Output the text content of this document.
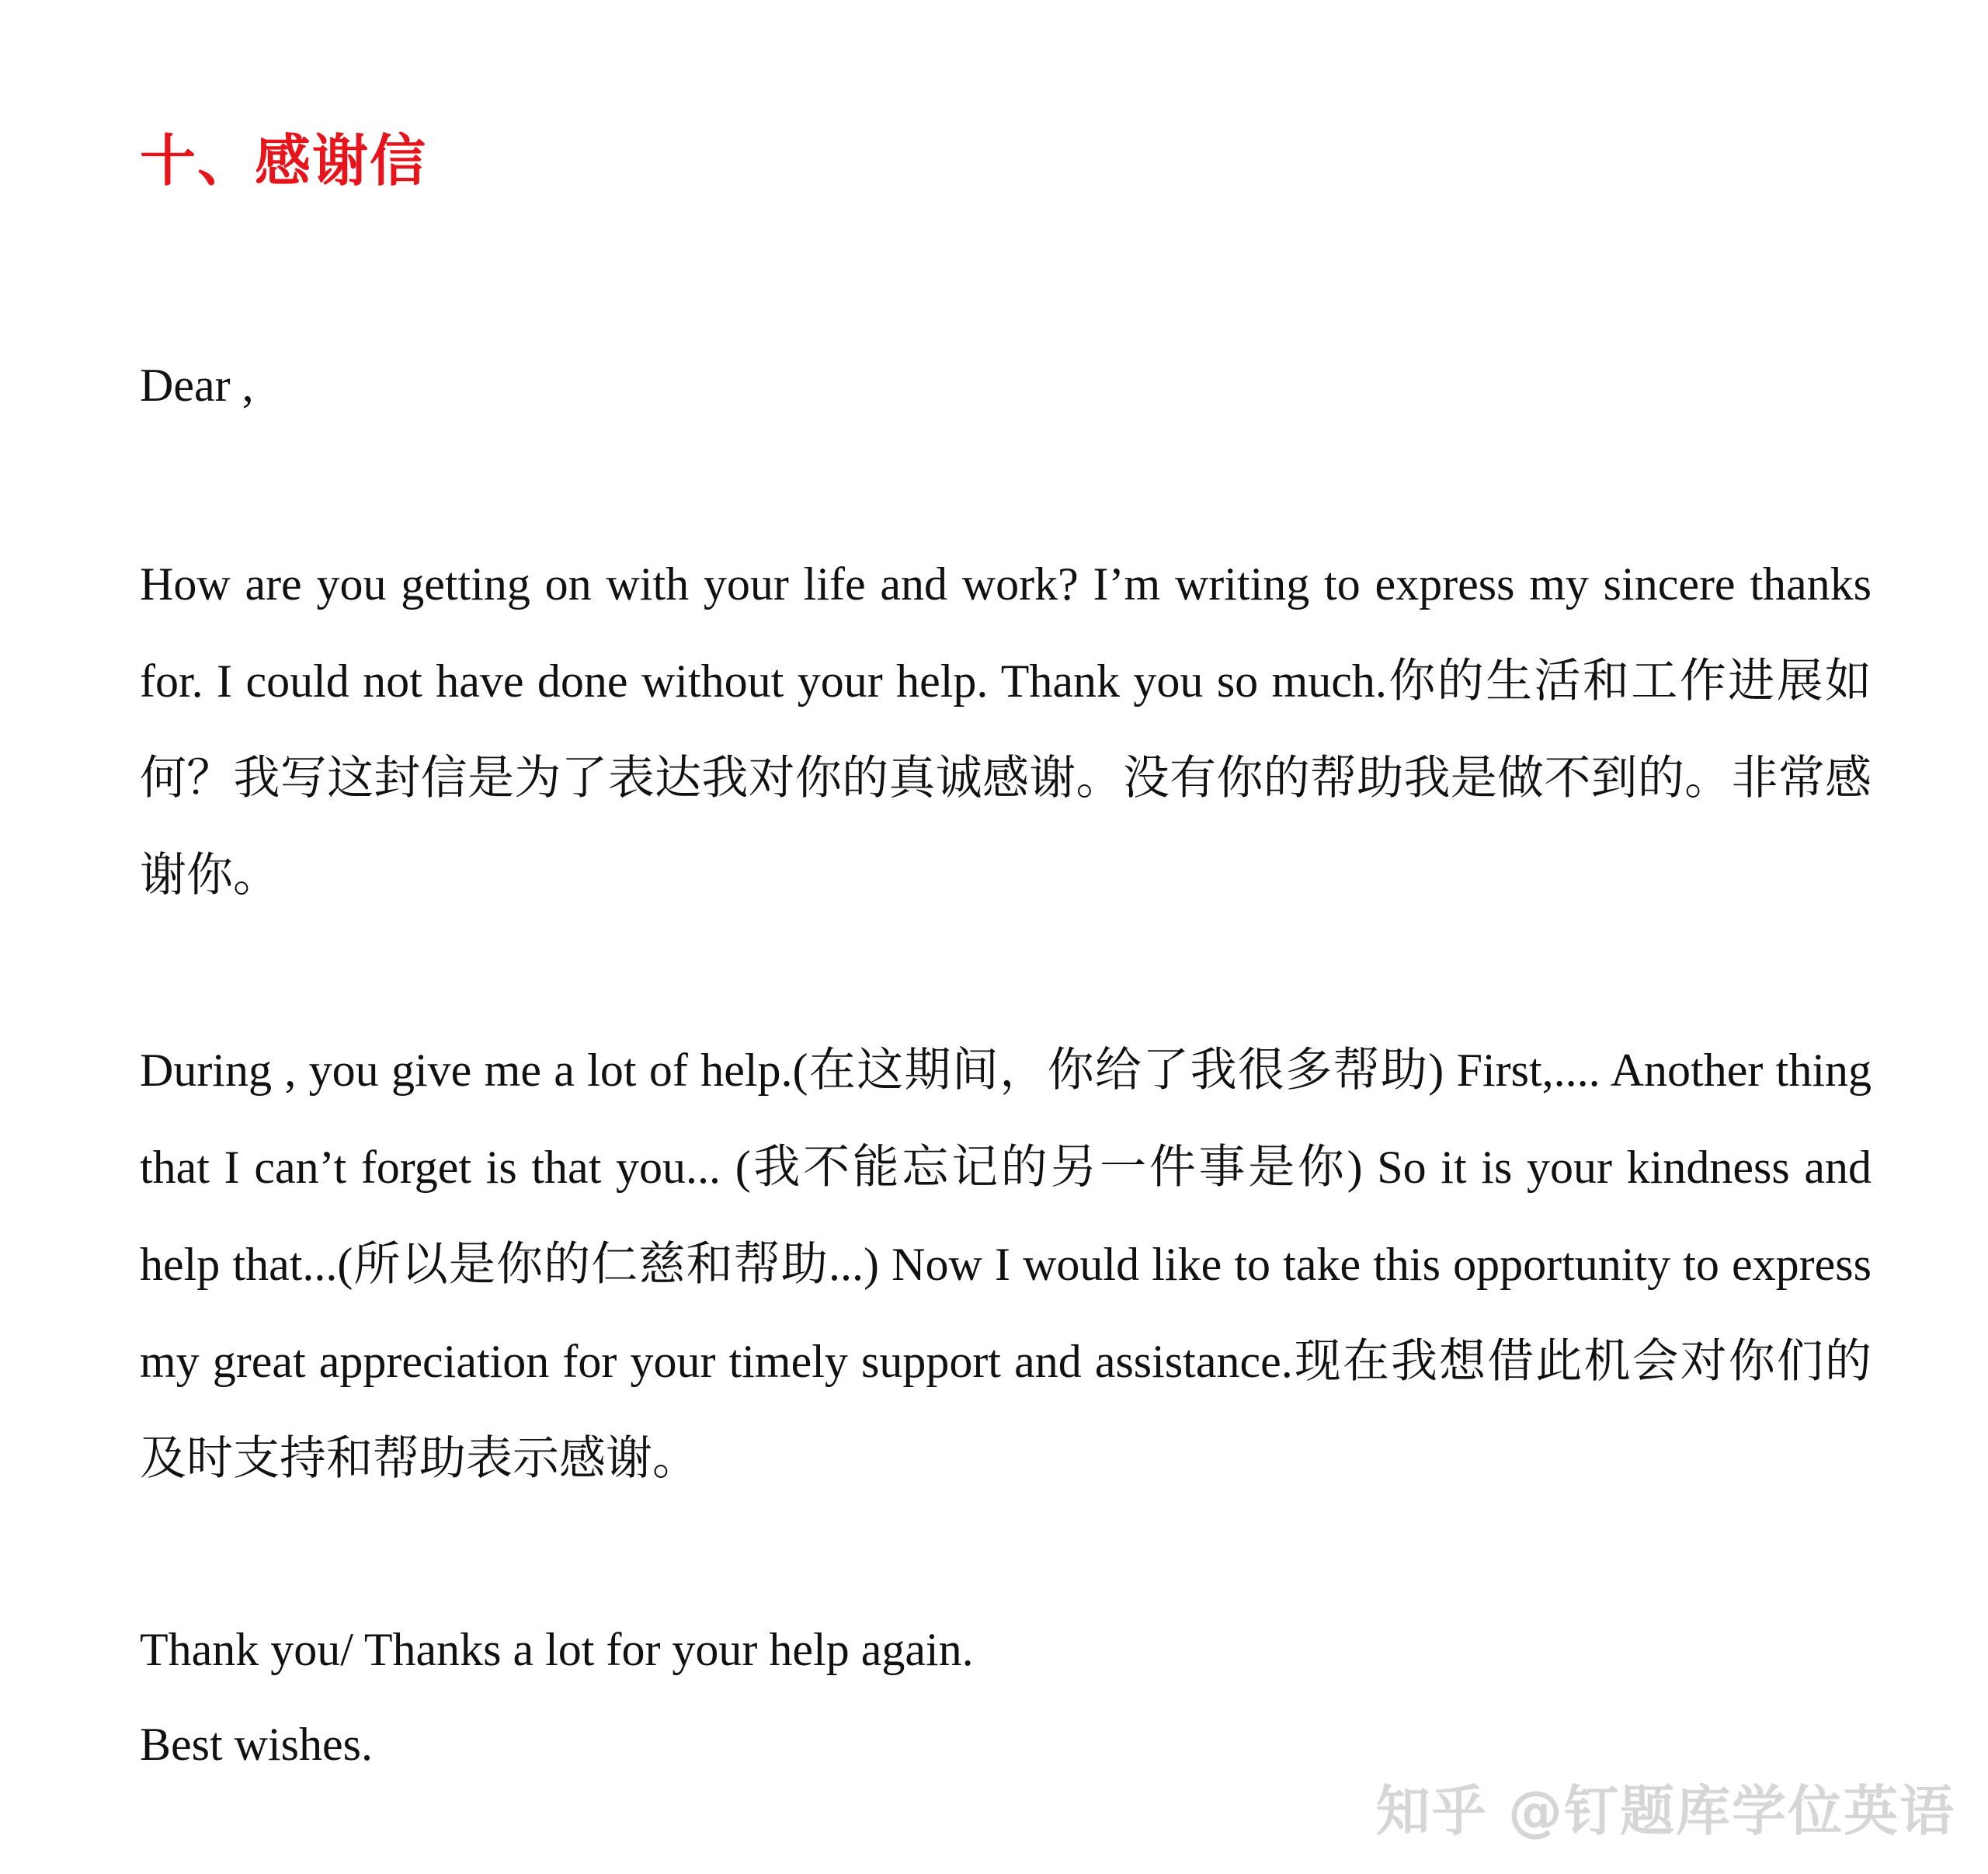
十、感谢信

Dear ,

How are you getting on with your life and work? I’m writing to express my sincere thanks for. I could not have done without your help. Thank you so much.你的生活和工作进展如何？我写这封信是为了表达我对你的真诚感谢。没有你的帮助我是做不到的。非常感谢你。

During , you give me a lot of help.(在这期间，你给了我很多帮助) First,.... Another thing that I can’t forget is that you... (我不能忘记的另一件事是你) So it is your kindness and help that...(所以是你的仁慈和帮助...) Now I would like to take this opportunity to express my great appreciation for your timely support and assistance.现在我想借此机会对你们的及时支持和帮助表示感谢。

Thank you/ Thanks a lot for your help again.

Best wishes.

知乎 @钉题库学位英语
